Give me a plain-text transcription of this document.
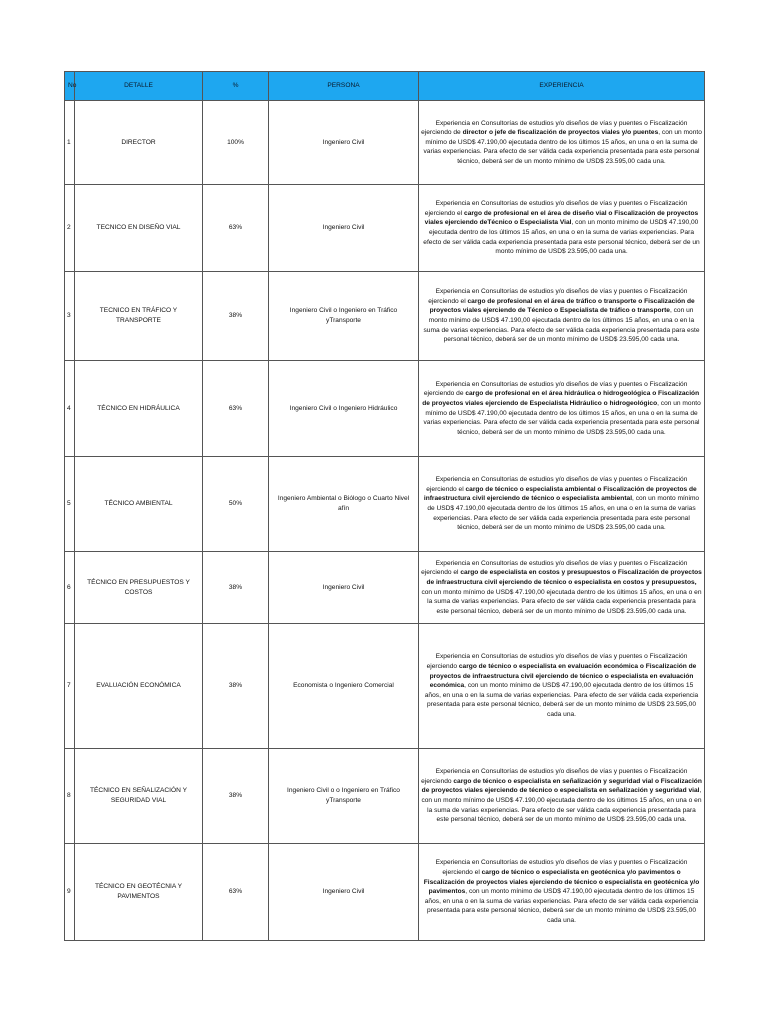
No	DETALLE	%	PERSONA	EXPERIENCIA
1	DIRECTOR	100%	Ingeniero Civil	Experiencia en Consultorías de estudios y/o diseños de vías y puentes o Fiscalización ejerciendo de director o jefe de fiscalización de proyectos viales y/o puentes, con un monto mínimo de USD$ 47.190,00 ejecutada dentro de los últimos 15 años, en una o en la suma de varias experiencias. Para efecto de ser válida cada experiencia presentada para este personal técnico, deberá ser de un monto mínimo de USD$ 23.595,00 cada una.
2	TECNICO EN DISEÑO VIAL	63%	Ingeniero Civil	Experiencia en Consultorías de estudios y/o diseños de vías y puentes o Fiscalización ejerciendo el cargo de profesional en el área de diseño vial o Fiscalización de proyectos viales ejerciendo deTécnico o Especialista Vial, con un monto mínimo de USD$ 47.190,00 ejecutada dentro de los últimos 15 años, en una o en la suma de varias experiencias. Para efecto de ser válida cada experiencia presentada para este personal técnico, deberá ser de un monto mínimo de USD$ 23.595,00 cada una.
3	TECNICO EN TRÁFICO Y TRANSPORTE	38%	Ingeniero Civil o Ingeniero en Tráfico yTransporte	Experiencia en Consultorías de estudios y/o diseños de vías y puentes o Fiscalización ejerciendo el cargo de profesional en el área de tráfico o transporte o Fiscalización de proyectos viales ejerciendo de Técnico o Especialista de tráfico o transporte, con un monto mínimo de USD$ 47.190,00 ejecutada dentro de los últimos 15 años, en una o en la suma de varias experiencias. Para efecto de ser válida cada experiencia presentada para este personal técnico, deberá ser de un monto mínimo de USD$ 23.595,00 cada una.
4	TÉCNICO EN HIDRÁULICA	63%	Ingeniero Civil o Ingeniero Hidráulico	Experiencia en Consultorías de estudios y/o diseños de vías y puentes o Fiscalización ejerciendo de cargo de profesional en el área hidráulica o hidrogeológica o Fiscalización de proyectos viales ejerciendo de Especialista Hidráulico o hidrogeológico, con un monto mínimo de USD$ 47.190,00 ejecutada dentro de los últimos 15 años, en una o en la suma de varias experiencias. Para efecto de ser válida cada experiencia presentada para este personal técnico, deberá ser de un monto mínimo de USD$ 23.595,00 cada una.
5	TÉCNICO AMBIENTAL	50%	Ingeniero Ambiental o Biólogo o Cuarto Nivel afín	Experiencia en Consultorías de estudios y/o diseños de vías y puentes o Fiscalización ejerciendo el cargo de técnico o especialista ambiental o Fiscalización de proyectos de infraestructura civil ejerciendo de técnico o especialista ambiental, con un monto mínimo de USD$ 47.190,00 ejecutada dentro de los últimos 15 años, en una o en la suma de varias experiencias. Para efecto de ser válida cada experiencia presentada para este personal técnico, deberá ser de un monto mínimo de USD$ 23.595,00 cada una.
6	TÉCNICO EN PRESUPUESTOS Y COSTOS	38%	Ingeniero Civil	Experiencia en Consultorías de estudios y/o diseños de vías y puentes o Fiscalización ejerciendo el cargo de especialista en costos y presupuestos o Fiscalización de proyectos de infraestructura civil ejerciendo de técnico o especialista en costos y presupuestos, con un monto mínimo de USD$ 47.190,00 ejecutada dentro de los últimos 15 años, en una o en la suma de varias experiencias. Para efecto de ser válida cada experiencia presentada para este personal técnico, deberá ser de un monto mínimo de USD$ 23.595,00 cada una.
7	EVALUACIÓN ECONÓMICA	38%	Economista o Ingeniero Comercial	Experiencia en Consultorías de estudios y/o diseños de vías y puentes o Fiscalización ejerciendo cargo de técnico o especialista en evaluación económica o Fiscalización de proyectos de infraestructura civil ejerciendo de técnico o especialista en evaluación económica, con un monto mínimo de USD$ 47.190,00 ejecutada dentro de los últimos 15 años, en una o en la suma de varias experiencias. Para efecto de ser válida cada experiencia presentada para este personal técnico, deberá ser de un monto mínimo de USD$ 23.595,00 cada una.
8	TÉCNICO EN SEÑALIZACIÓN Y SEGURIDAD VIAL	38%	Ingeniero Civil o o Ingeniero en Tráfico yTransporte	Experiencia en Consultorías de estudios y/o diseños de vías y puentes o Fiscalización ejerciendo cargo de técnico o especialista en señalización y seguridad vial o Fiscalización de proyectos viales ejerciendo de técnico o especialista en señalización y seguridad vial, con un monto mínimo de USD$ 47.190,00 ejecutada dentro de los últimos 15 años, en una o en la suma de varias experiencias. Para efecto de ser válida cada experiencia presentada para este personal técnico, deberá ser de un monto mínimo de USD$ 23.595,00 cada una.
9	TÉCNICO EN GEOTÉCNIA Y PAVIMENTOS	63%	Ingeniero Civil	Experiencia en Consultorías de estudios y/o diseños de vías y puentes o Fiscalización ejerciendo el cargo de técnico o especialista en geotécnica y/o pavimentos o Fiscalización de proyectos viales ejerciendo de técnico o especialista en geotécnica y/o pavimentos, con un monto mínimo de USD$ 47.190,00 ejecutada dentro de los últimos 15 años, en una o en la suma de varias experiencias. Para efecto de ser válida cada experiencia presentada para este personal técnico, deberá ser de un monto mínimo de USD$ 23.595,00 cada una.
